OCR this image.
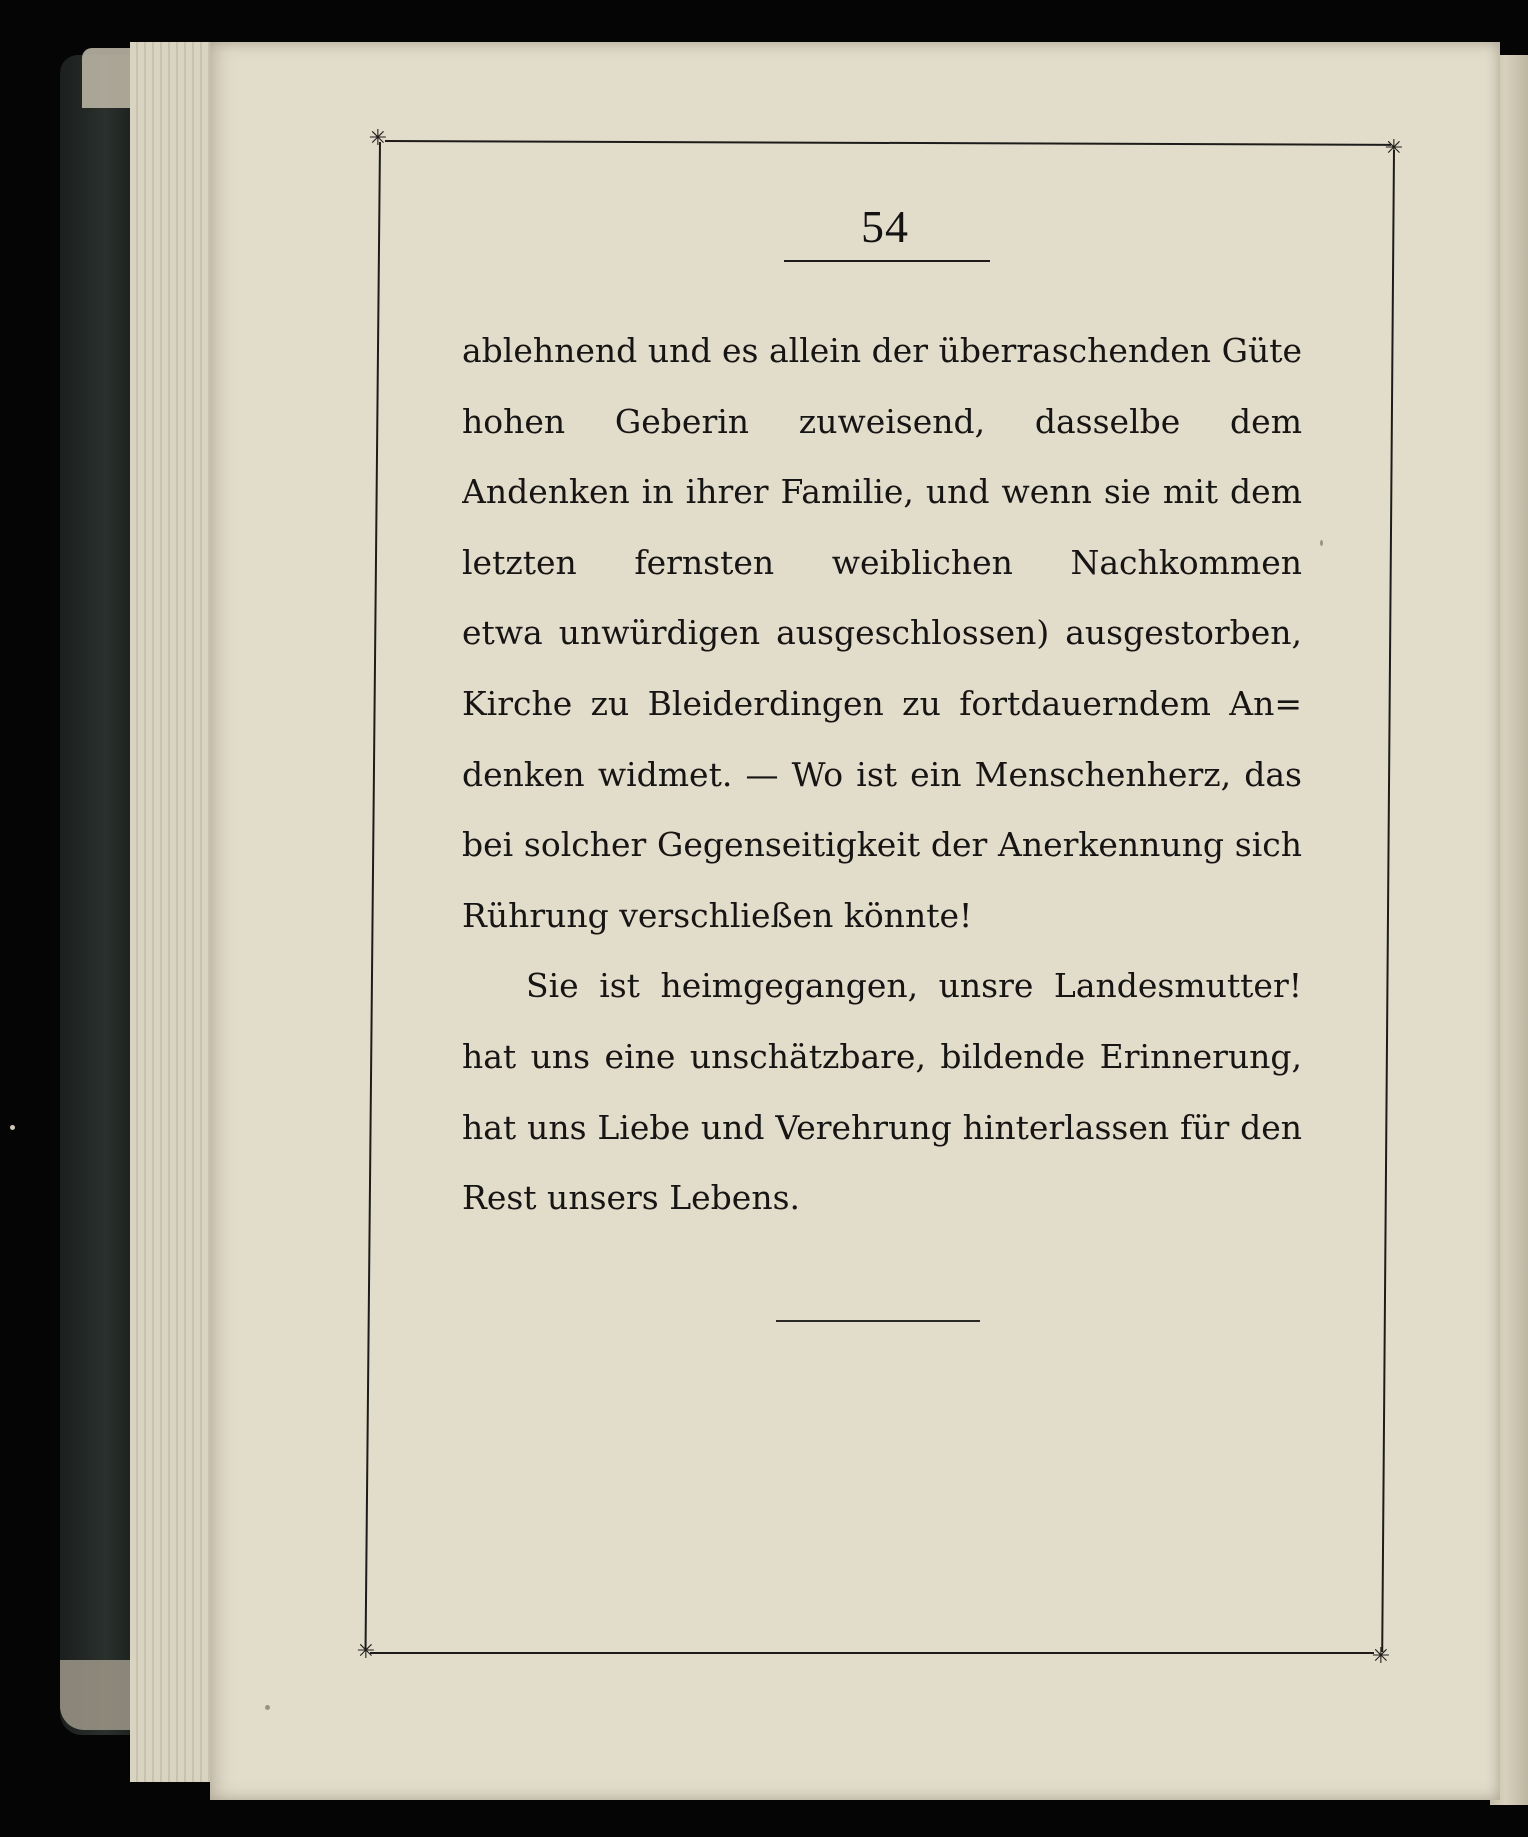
✳	✳
✳	✳
54
ablehnend und es allein der überraschenden Güte
hohen Geberin zuweisend, dasselbe dem
Andenken in ihrer Familie, und wenn sie mit dem
letzten fernsten weiblichen Nachkommen
etwa unwürdigen ausgeschlossen) ausgestorben,
Kirche zu Bleiderdingen zu fortdauerndem An=
denken widmet. — Wo ist ein Menschenherz, das
bei solcher Gegenseitigkeit der Anerkennung sich
Rührung verschließen könnte!
Sie ist heimgegangen, unsre Landesmutter!
hat uns eine unschätzbare, bildende Erinnerung,
hat uns Liebe und Verehrung hinterlassen für den
Rest unsers Lebens.
